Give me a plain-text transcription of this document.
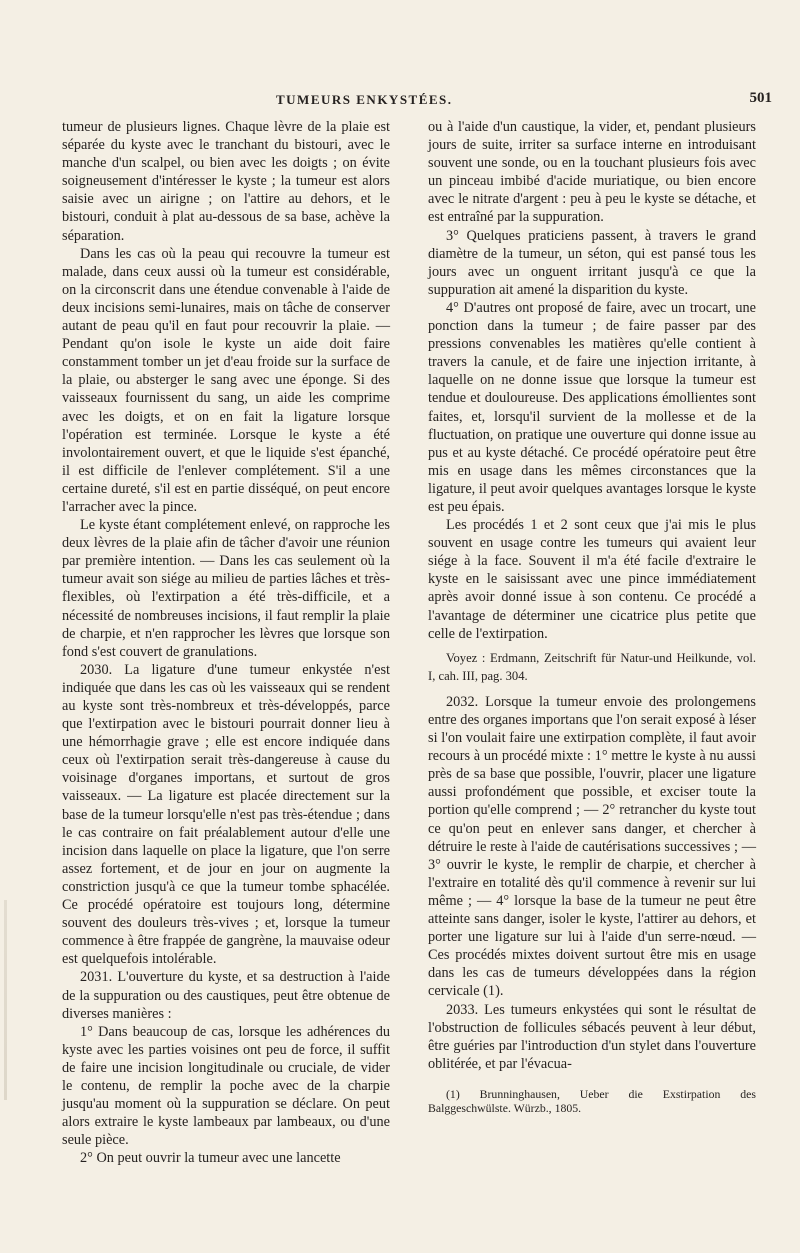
TUMEURS ENKYSTÉES.	501

tumeur de plusieurs lignes. Chaque lèvre de la plaie est séparée du kyste avec le tranchant du bistouri, avec le manche d'un scalpel, ou bien avec les doigts ; on évite soigneusement d'intéresser le kyste ; la tumeur est alors saisie avec un airigne ; on l'attire au dehors, et le bistouri, conduit à plat au-dessous de sa base, achève la séparation.

Dans les cas où la peau qui recouvre la tumeur est malade, dans ceux aussi où la tumeur est considérable, on la circonscrit dans une étendue convenable à l'aide de deux incisions semi-lunaires, mais on tâche de conserver autant de peau qu'il en faut pour recouvrir la plaie. — Pendant qu'on isole le kyste un aide doit faire constamment tomber un jet d'eau froide sur la surface de la plaie, ou absterger le sang avec une éponge. Si des vaisseaux fournissent du sang, un aide les comprime avec les doigts, et on en fait la ligature lorsque l'opération est terminée. Lorsque le kyste a été involontairement ouvert, et que le liquide s'est épanché, il est difficile de l'enlever complétement. S'il a une certaine dureté, s'il est en partie disséqué, on peut encore l'arracher avec la pince.

Le kyste étant complétement enlevé, on rapproche les deux lèvres de la plaie afin de tâcher d'avoir une réunion par première intention. — Dans les cas seulement où la tumeur avait son siége au milieu de parties lâches et très-flexibles, où l'extirpation a été très-difficile, et a nécessité de nombreuses incisions, il faut remplir la plaie de charpie, et n'en rapprocher les lèvres que lorsque son fond s'est couvert de granulations.

2030. La ligature d'une tumeur enkystée n'est indiquée que dans les cas où les vaisseaux qui se rendent au kyste sont très-nombreux et très-développés, parce que l'extirpation avec le bistouri pourrait donner lieu à une hémorrhagie grave ; elle est encore indiquée dans ceux où l'extirpation serait très-dangereuse à cause du voisinage d'organes importans, et surtout de gros vaisseaux. — La ligature est placée directement sur la base de la tumeur lorsqu'elle n'est pas très-étendue ; dans le cas contraire on fait préalablement autour d'elle une incision dans laquelle on place la ligature, que l'on serre assez fortement, et de jour en jour on augmente la constriction jusqu'à ce que la tumeur tombe sphacélée. Ce procédé opératoire est toujours long, détermine souvent des douleurs très-vives ; et, lorsque la tumeur commence à être frappée de gangrène, la mauvaise odeur est quelquefois intolérable.

2031. L'ouverture du kyste, et sa destruction à l'aide de la suppuration ou des caustiques, peut être obtenue de diverses manières :

1° Dans beaucoup de cas, lorsque les adhérences du kyste avec les parties voisines ont peu de force, il suffit de faire une incision longitudinale ou cruciale, de vider le contenu, de remplir la poche avec de la charpie jusqu'au moment où la suppuration se déclare. On peut alors extraire le kyste lambeaux par lambeaux, ou d'une seule pièce.

2° On peut ouvrir la tumeur avec une lancette

ou à l'aide d'un caustique, la vider, et, pendant plusieurs jours de suite, irriter sa surface interne en introduisant souvent une sonde, ou en la touchant plusieurs fois avec un pinceau imbibé d'acide muriatique, ou bien encore avec le nitrate d'argent : peu à peu le kyste se détache, et est entraîné par la suppuration.

3° Quelques praticiens passent, à travers le grand diamètre de la tumeur, un séton, qui est pansé tous les jours avec un onguent irritant jusqu'à ce que la suppuration ait amené la disparition du kyste.

4° D'autres ont proposé de faire, avec un trocart, une ponction dans la tumeur ; de faire passer par des pressions convenables les matières qu'elle contient à travers la canule, et de faire une injection irritante, à laquelle on ne donne issue que lorsque la tumeur est tendue et douloureuse. Des applications émollientes sont faites, et, lorsqu'il survient de la mollesse et de la fluctuation, on pratique une ouverture qui donne issue au pus et au kyste détaché. Ce procédé opératoire peut être mis en usage dans les mêmes circonstances que la ligature, il peut avoir quelques avantages lorsque le kyste est peu épais.

Les procédés 1 et 2 sont ceux que j'ai mis le plus souvent en usage contre les tumeurs qui avaient leur siége à la face. Souvent il m'a été facile d'extraire le kyste en le saisissant avec une pince immédiatement après avoir donné issue à son contenu. Ce procédé a l'avantage de déterminer une cicatrice plus petite que celle de l'extirpation.

Voyez : Erdmann, Zeitschrift für Natur-und Heilkunde, vol. I, cah. III, pag. 304.

2032. Lorsque la tumeur envoie des prolongemens entre des organes importans que l'on serait exposé à léser si l'on voulait faire une extirpation complète, il faut avoir recours à un procédé mixte : 1° mettre le kyste à nu aussi près de sa base que possible, l'ouvrir, placer une ligature aussi profondément que possible, et exciser toute la portion qu'elle comprend ; — 2° retrancher du kyste tout ce qu'on peut en enlever sans danger, et chercher à détruire le reste à l'aide de cautérisations successives ; — 3° ouvrir le kyste, le remplir de charpie, et chercher à l'extraire en totalité dès qu'il commence à revenir sur lui même ; — 4° lorsque la base de la tumeur ne peut être atteinte sans danger, isoler le kyste, l'attirer au dehors, et porter une ligature sur lui à l'aide d'un serre-nœud. — Ces procédés mixtes doivent surtout être mis en usage dans les cas de tumeurs développées dans la région cervicale (1).

2033. Les tumeurs enkystées qui sont le résultat de l'obstruction de follicules sébacés peuvent à leur début, être guéries par l'introduction d'un stylet dans l'ouverture oblitérée, et par l'évacua-

(1) Brunninghausen, Ueber die Exstirpation des Balggeschwülste. Würzb., 1805.
